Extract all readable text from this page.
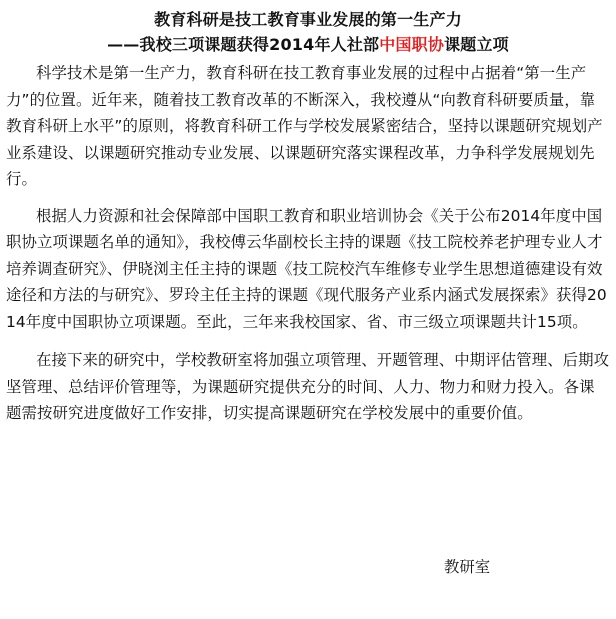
教育科研是技工教育事业发展的第一生产力
——我校三项课题获得2014年人社部中国职协课题立项

科学技术是第一生产力，教育科研在技工教育事业发展的过程中占据着“第一生产力”的位置。近年来，随着技工教育改革的不断深入，我校遵从“向教育科研要质量，靠教育科研上水平”的原则，将教育科研工作与学校发展紧密结合，坚持以课题研究规划产业系建设、以课题研究推动专业发展、以课题研究落实课程改革，力争科学发展规划先行。

根据人力资源和社会保障部中国职工教育和职业培训协会《关于公布2014年度中国职协立项课题名单的通知》，我校傅云华副校长主持的课题《技工院校养老护理专业人才培养调查研究》、伊晓浏主任主持的课题《技工院校汽车维修专业学生思想道德建设有效途径和方法的与研究》、罗玲主任主持的课题《现代服务产业系内涵式发展探索》获得2014年度中国职协立项课题。至此，三年来我校国家、省、市三级立项课题共计15项。

在接下来的研究中，学校教研室将加强立项管理、开题管理、中期评估管理、后期攻坚管理、总结评价管理等，为课题研究提供充分的时间、人力、物力和财力投入。各课题需按研究进度做好工作安排，切实提高课题研究在学校发展中的重要价值。

教研室
